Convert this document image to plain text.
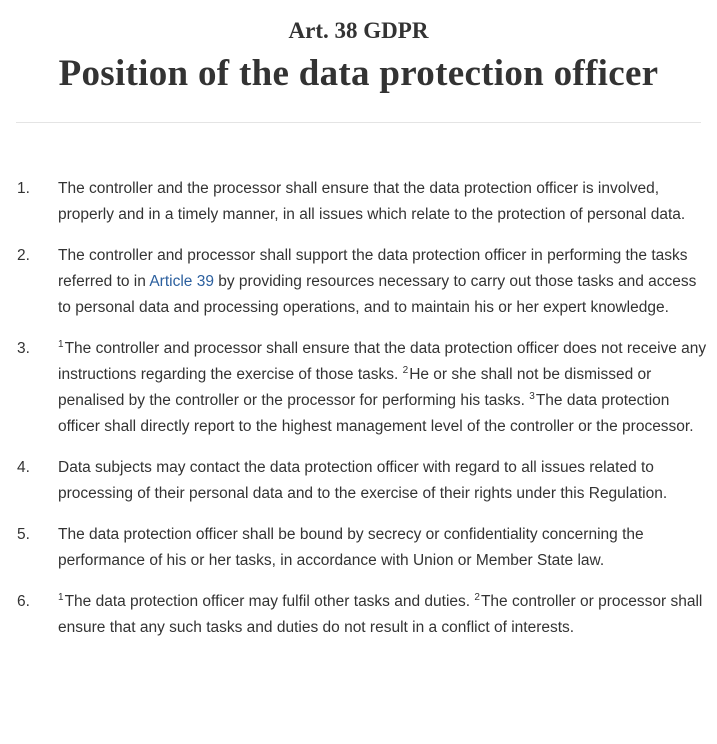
Art. 38 GDPR
Position of the data protection officer
1. The controller and the processor shall ensure that the data protection officer is involved, properly and in a timely manner, in all issues which relate to the protection of personal data.
2. The controller and processor shall support the data protection officer in performing the tasks referred to in Article 39 by providing resources necessary to carry out those tasks and access to personal data and processing operations, and to maintain his or her expert knowledge.
3.	$^1$The controller and processor shall ensure that the data protection officer does not receive any instructions regarding the exercise of those tasks. $^2$He or she shall not be dismissed or penalised by the controller or the processor for performing his tasks. $^3$The data protection officer shall directly report to the highest management level of the controller or the processor.
4. Data subjects may contact the data protection officer with regard to all issues related to processing of their personal data and to the exercise of their rights under this Regulation.
5. The data protection officer shall be bound by secrecy or confidentiality concerning the performance of his or her tasks, in accordance with Union or Member State law.
6.	$^1$The data protection officer may fulfil other tasks and duties. $^2$The controller or processor shall ensure that any such tasks and duties do not result in a conflict of interests.
